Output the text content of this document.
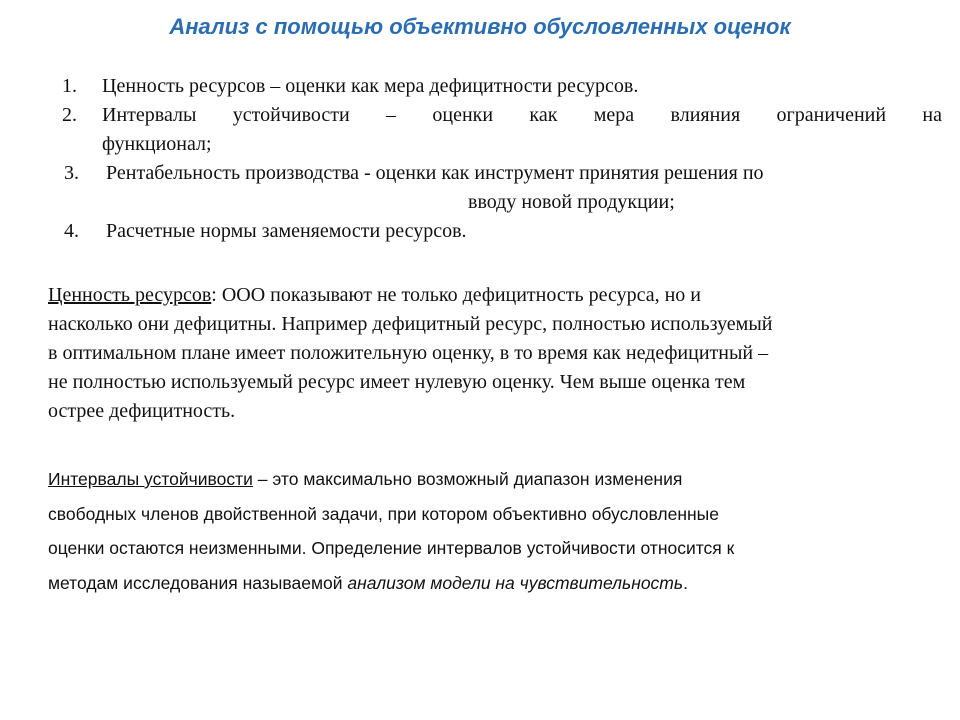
Анализ с помощью объективно обусловленных оценок
1. Ценность ресурсов – оценки как мера дефицитности ресурсов.
2. Интервалы устойчивости – оценки как мера влияния ограничений на
функционал;
3. Рентабельность производства - оценки как инструмент принятия решения по
вводу новой продукции;
4. Расчетные нормы заменяемости ресурсов.
Ценность ресурсов: ООО показывают не только дефицитность ресурса, но и
насколько они дефицитны. Например дефицитный ресурс, полностью используемый
в оптимальном плане имеет положительную оценку, в то время как недефицитный –
не полностью используемый ресурс имеет нулевую оценку. Чем выше оценка тем
острее дефицитность.
Интервалы устойчивости – это максимально возможный диапазон изменения
свободных членов двойственной задачи, при котором объективно обусловленные
оценки остаются неизменными. Определение интервалов устойчивости относится к
методам исследования называемой анализом модели на чувствительность.
